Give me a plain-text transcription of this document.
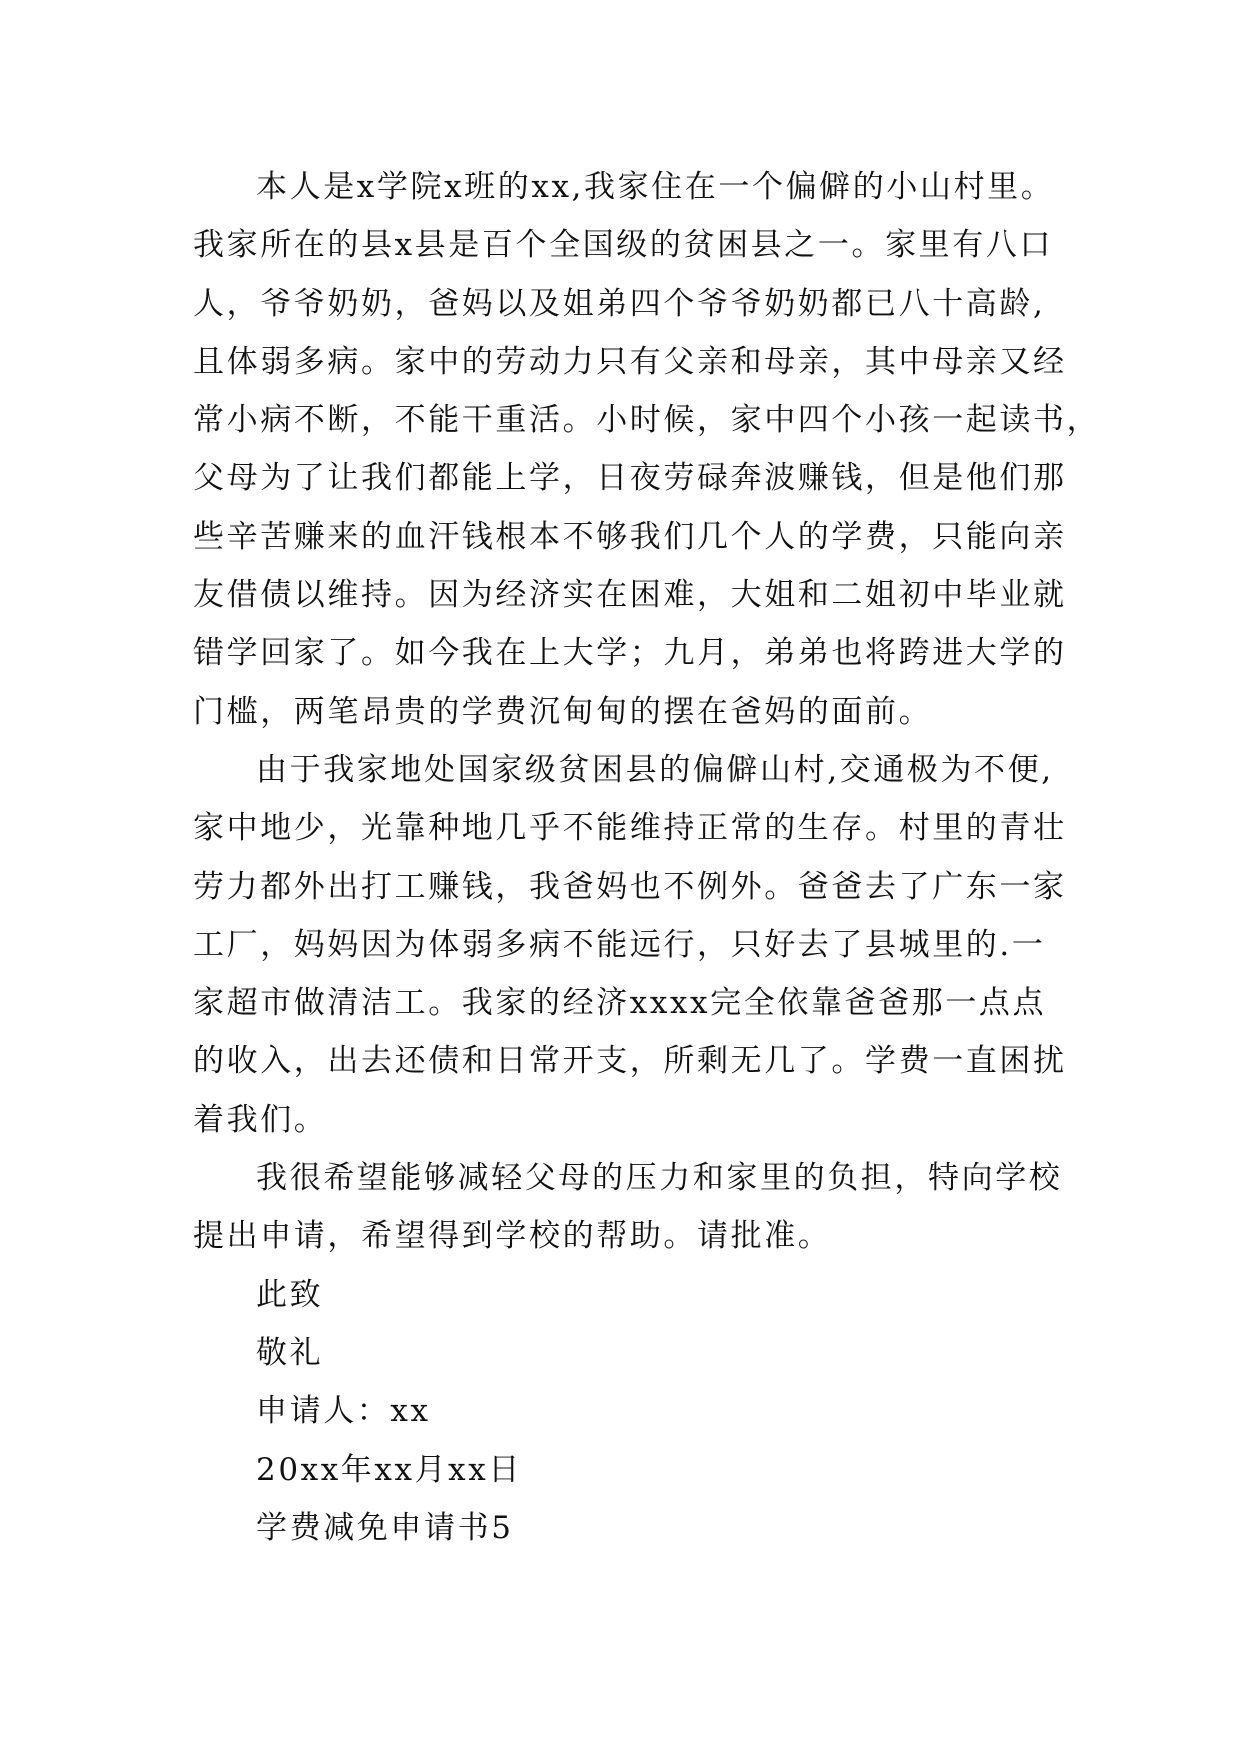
本人是x学院x班的xx,我家住在一个偏僻的小山村里。
我家所在的县x县是百个全国级的贫困县之一。家里有八口
人，爷爷奶奶，爸妈以及姐弟四个爷爷奶奶都已八十高龄,
且体弱多病。家中的劳动力只有父亲和母亲，其中母亲又经
常小病不断，不能干重活。小时候，家中四个小孩一起读书，
父母为了让我们都能上学，日夜劳碌奔波赚钱，但是他们那
些辛苦赚来的血汗钱根本不够我们几个人的学费，只能向亲
友借债以维持。因为经济实在困难，大姐和二姐初中毕业就
错学回家了。如今我在上大学；九月，弟弟也将跨进大学的
门槛，两笔昂贵的学费沉甸甸的摆在爸妈的面前。
由于我家地处国家级贫困县的偏僻山村,交通极为不便,
家中地少，光靠种地几乎不能维持正常的生存。村里的青壮
劳力都外出打工赚钱，我爸妈也不例外。爸爸去了广东一家
工厂，妈妈因为体弱多病不能远行，只好去了县城里的.一
家超市做清洁工。我家的经济xxxx完全依靠爸爸那一点点
的收入，出去还债和日常开支，所剩无几了。学费一直困扰
着我们。
我很希望能够减轻父母的压力和家里的负担，特向学校
提出申请，希望得到学校的帮助。请批准。
此致
敬礼
申请人：xx
20xx年xx月xx日
学费减免申请书5
